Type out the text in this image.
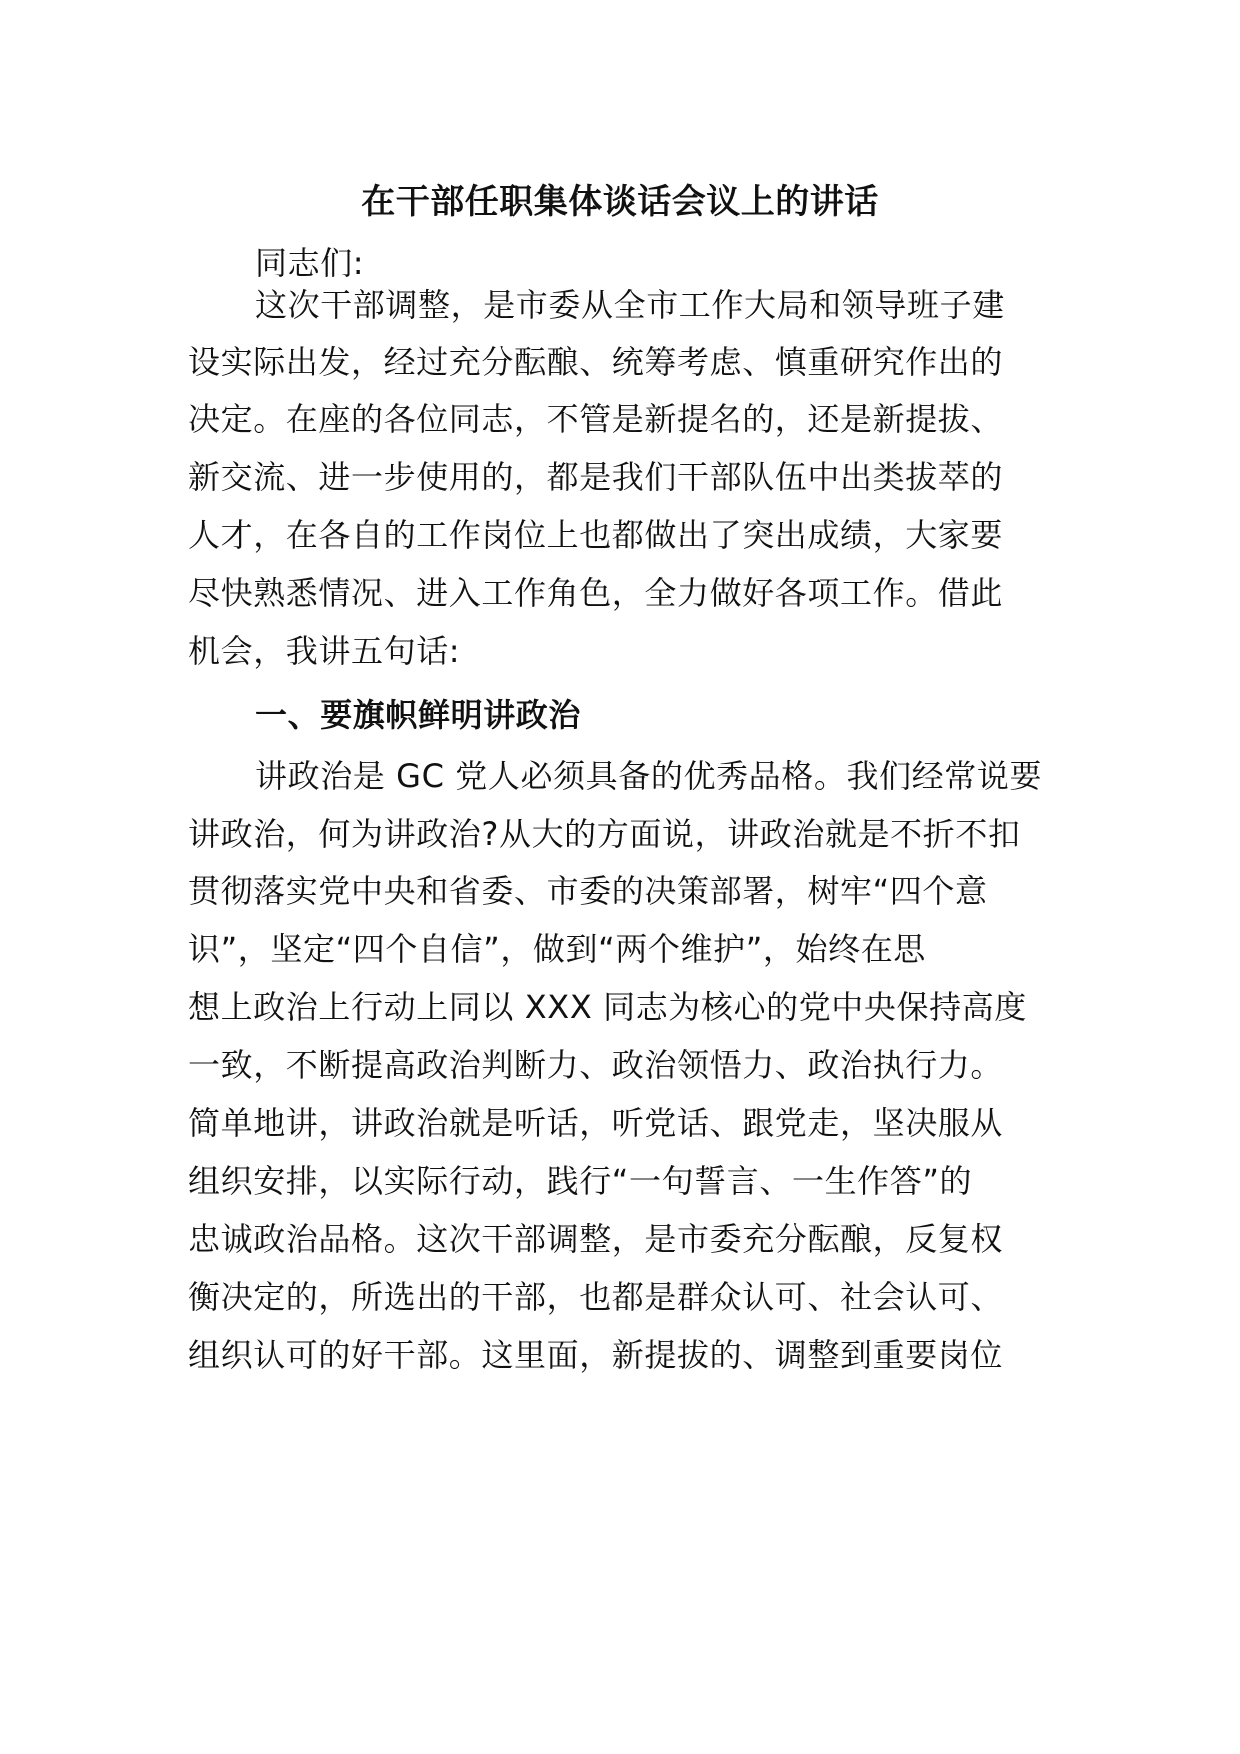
在干部任职集体谈话会议上的讲话
同志们:
这次干部调整，是市委从全市工作大局和领导班子建
设实际出发，经过充分酝酿、统筹考虑、慎重研究作出的
决定。在座的各位同志，不管是新提名的，还是新提拔、
新交流、进一步使用的，都是我们干部队伍中出类拔萃的
人才，在各自的工作岗位上也都做出了突出成绩，大家要
尽快熟悉情况、进入工作角色，全力做好各项工作。借此
机会，我讲五句话:
一、要旗帜鲜明讲政治
讲政治是 GC 党人必须具备的优秀品格。我们经常说要
讲政治，何为讲政治?从大的方面说，讲政治就是不折不扣
贯彻落实党中央和省委、市委的决策部署，树牢“四个意
识”，坚定“四个自信”，做到“两个维护”，始终在思
想上政治上行动上同以 XXX 同志为核心的党中央保持高度
一致，不断提高政治判断力、政治领悟力、政治执行力。
简单地讲，讲政治就是听话，听党话、跟党走，坚决服从
组织安排，以实际行动，践行“一句誓言、一生作答”的
忠诚政治品格。这次干部调整，是市委充分酝酿，反复权
衡决定的，所选出的干部，也都是群众认可、社会认可、
组织认可的好干部。这里面，新提拔的、调整到重要岗位
